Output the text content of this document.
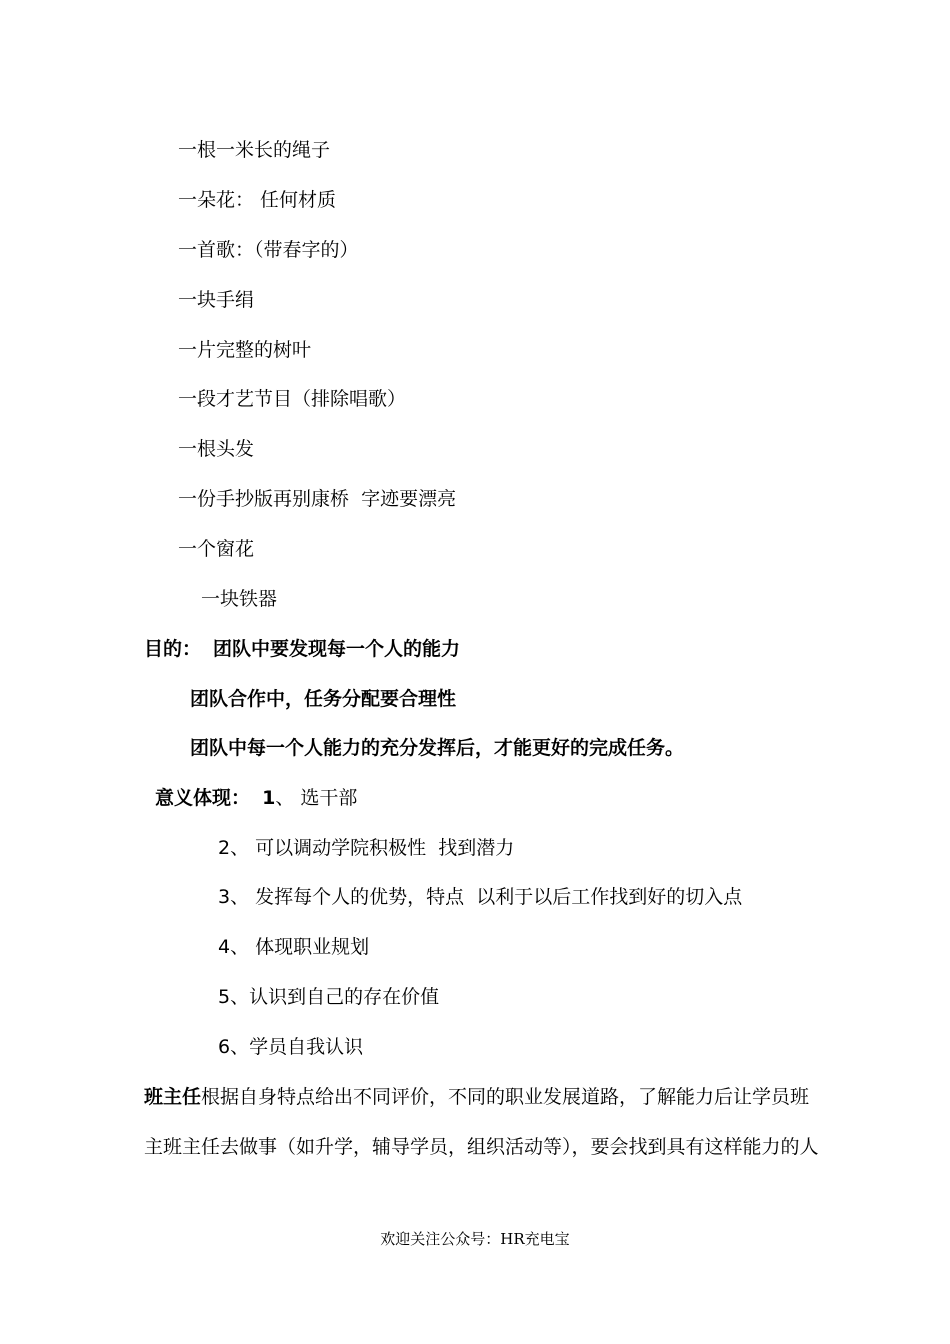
一根一米长的绳子
一朵花： 任何材质
一首歌：（带春字的）
一块手绢
一片完整的树叶
一段才艺节目（排除唱歌）
一根头发
一份手抄版再别康桥  字迹要漂亮
一个窗花
一块铁器
目的： 团队中要发现每一个人的能力
团队合作中，任务分配要合理性
团队中每一个人能力的充分发挥后，才能更好的完成任务。
意义体现： 1、 选干部
2、 可以调动学院积极性  找到潜力
3、 发挥每个人的优势，特点  以利于以后工作找到好的切入点
4、 体现职业规划
5、认识到自己的存在价值
6、学员自我认识
班主任根据自身特点给出不同评价，不同的职业发展道路，了解能力后让学员班
主班主任去做事（如升学，辅导学员，组织活动等），要会找到具有这样能力的人
欢迎关注公众号：HR充电宝
